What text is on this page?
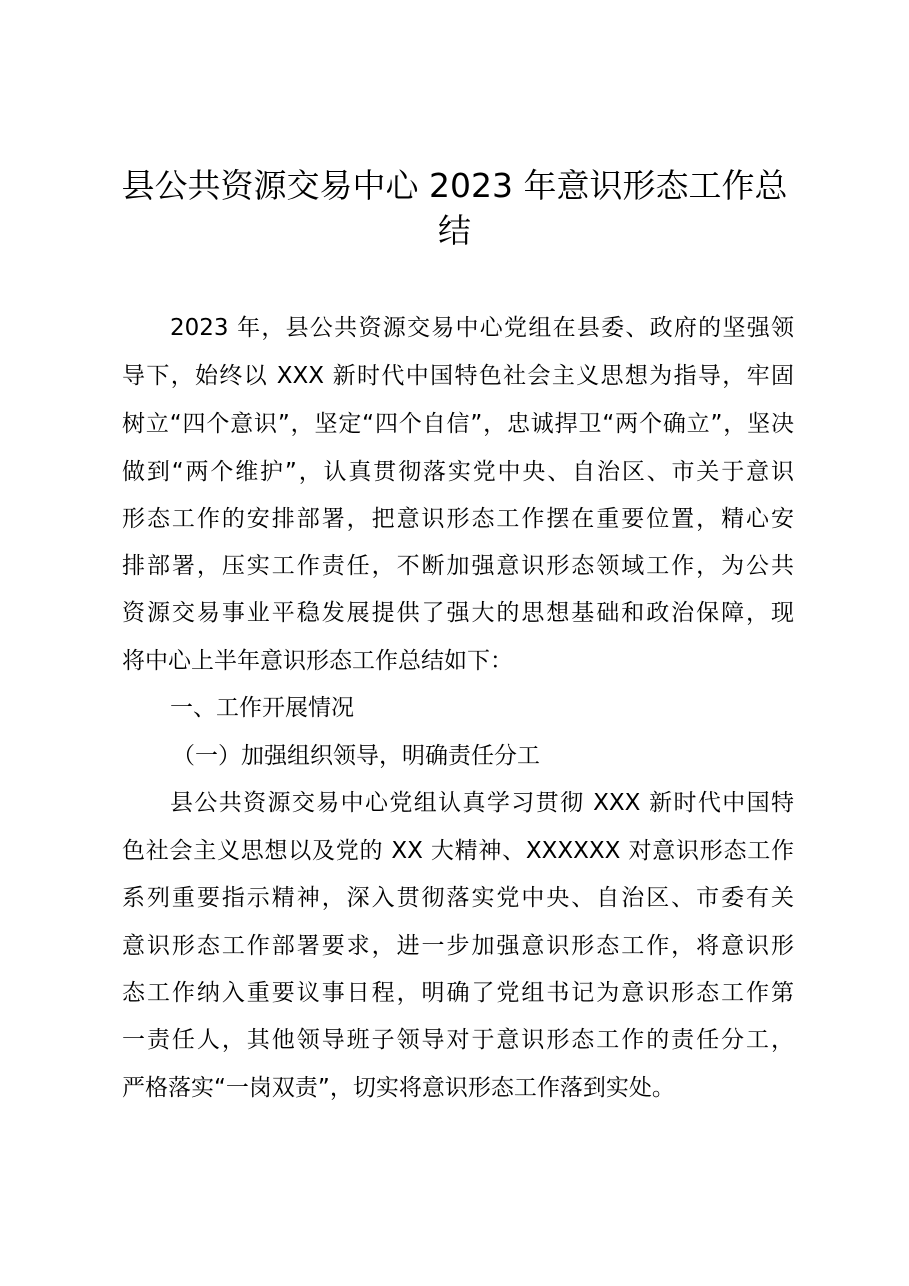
县公共资源交易中心 2023 年意识形态工作总
结
2023 年，县公共资源交易中心党组在县委、政府的坚强领
导下，始终以 XXX 新时代中国特色社会主义思想为指导，牢固
树立“四个意识”，坚定“四个自信”，忠诚捍卫“两个确立”，坚决
做到“两个维护”，认真贯彻落实党中央、自治区、市关于意识
形态工作的安排部署，把意识形态工作摆在重要位置，精心安
排部署，压实工作责任，不断加强意识形态领域工作，为公共
资源交易事业平稳发展提供了强大的思想基础和政治保障，现
将中心上半年意识形态工作总结如下：
一、工作开展情况
（一）加强组织领导，明确责任分工
县公共资源交易中心党组认真学习贯彻 XXX 新时代中国特
色社会主义思想以及党的 XX 大精神、XXXXXX 对意识形态工作
系列重要指示精神，深入贯彻落实党中央、自治区、市委有关
意识形态工作部署要求，进一步加强意识形态工作，将意识形
态工作纳入重要议事日程，明确了党组书记为意识形态工作第
一责任人，其他领导班子领导对于意识形态工作的责任分工，
严格落实“一岗双责”，切实将意识形态工作落到实处。
